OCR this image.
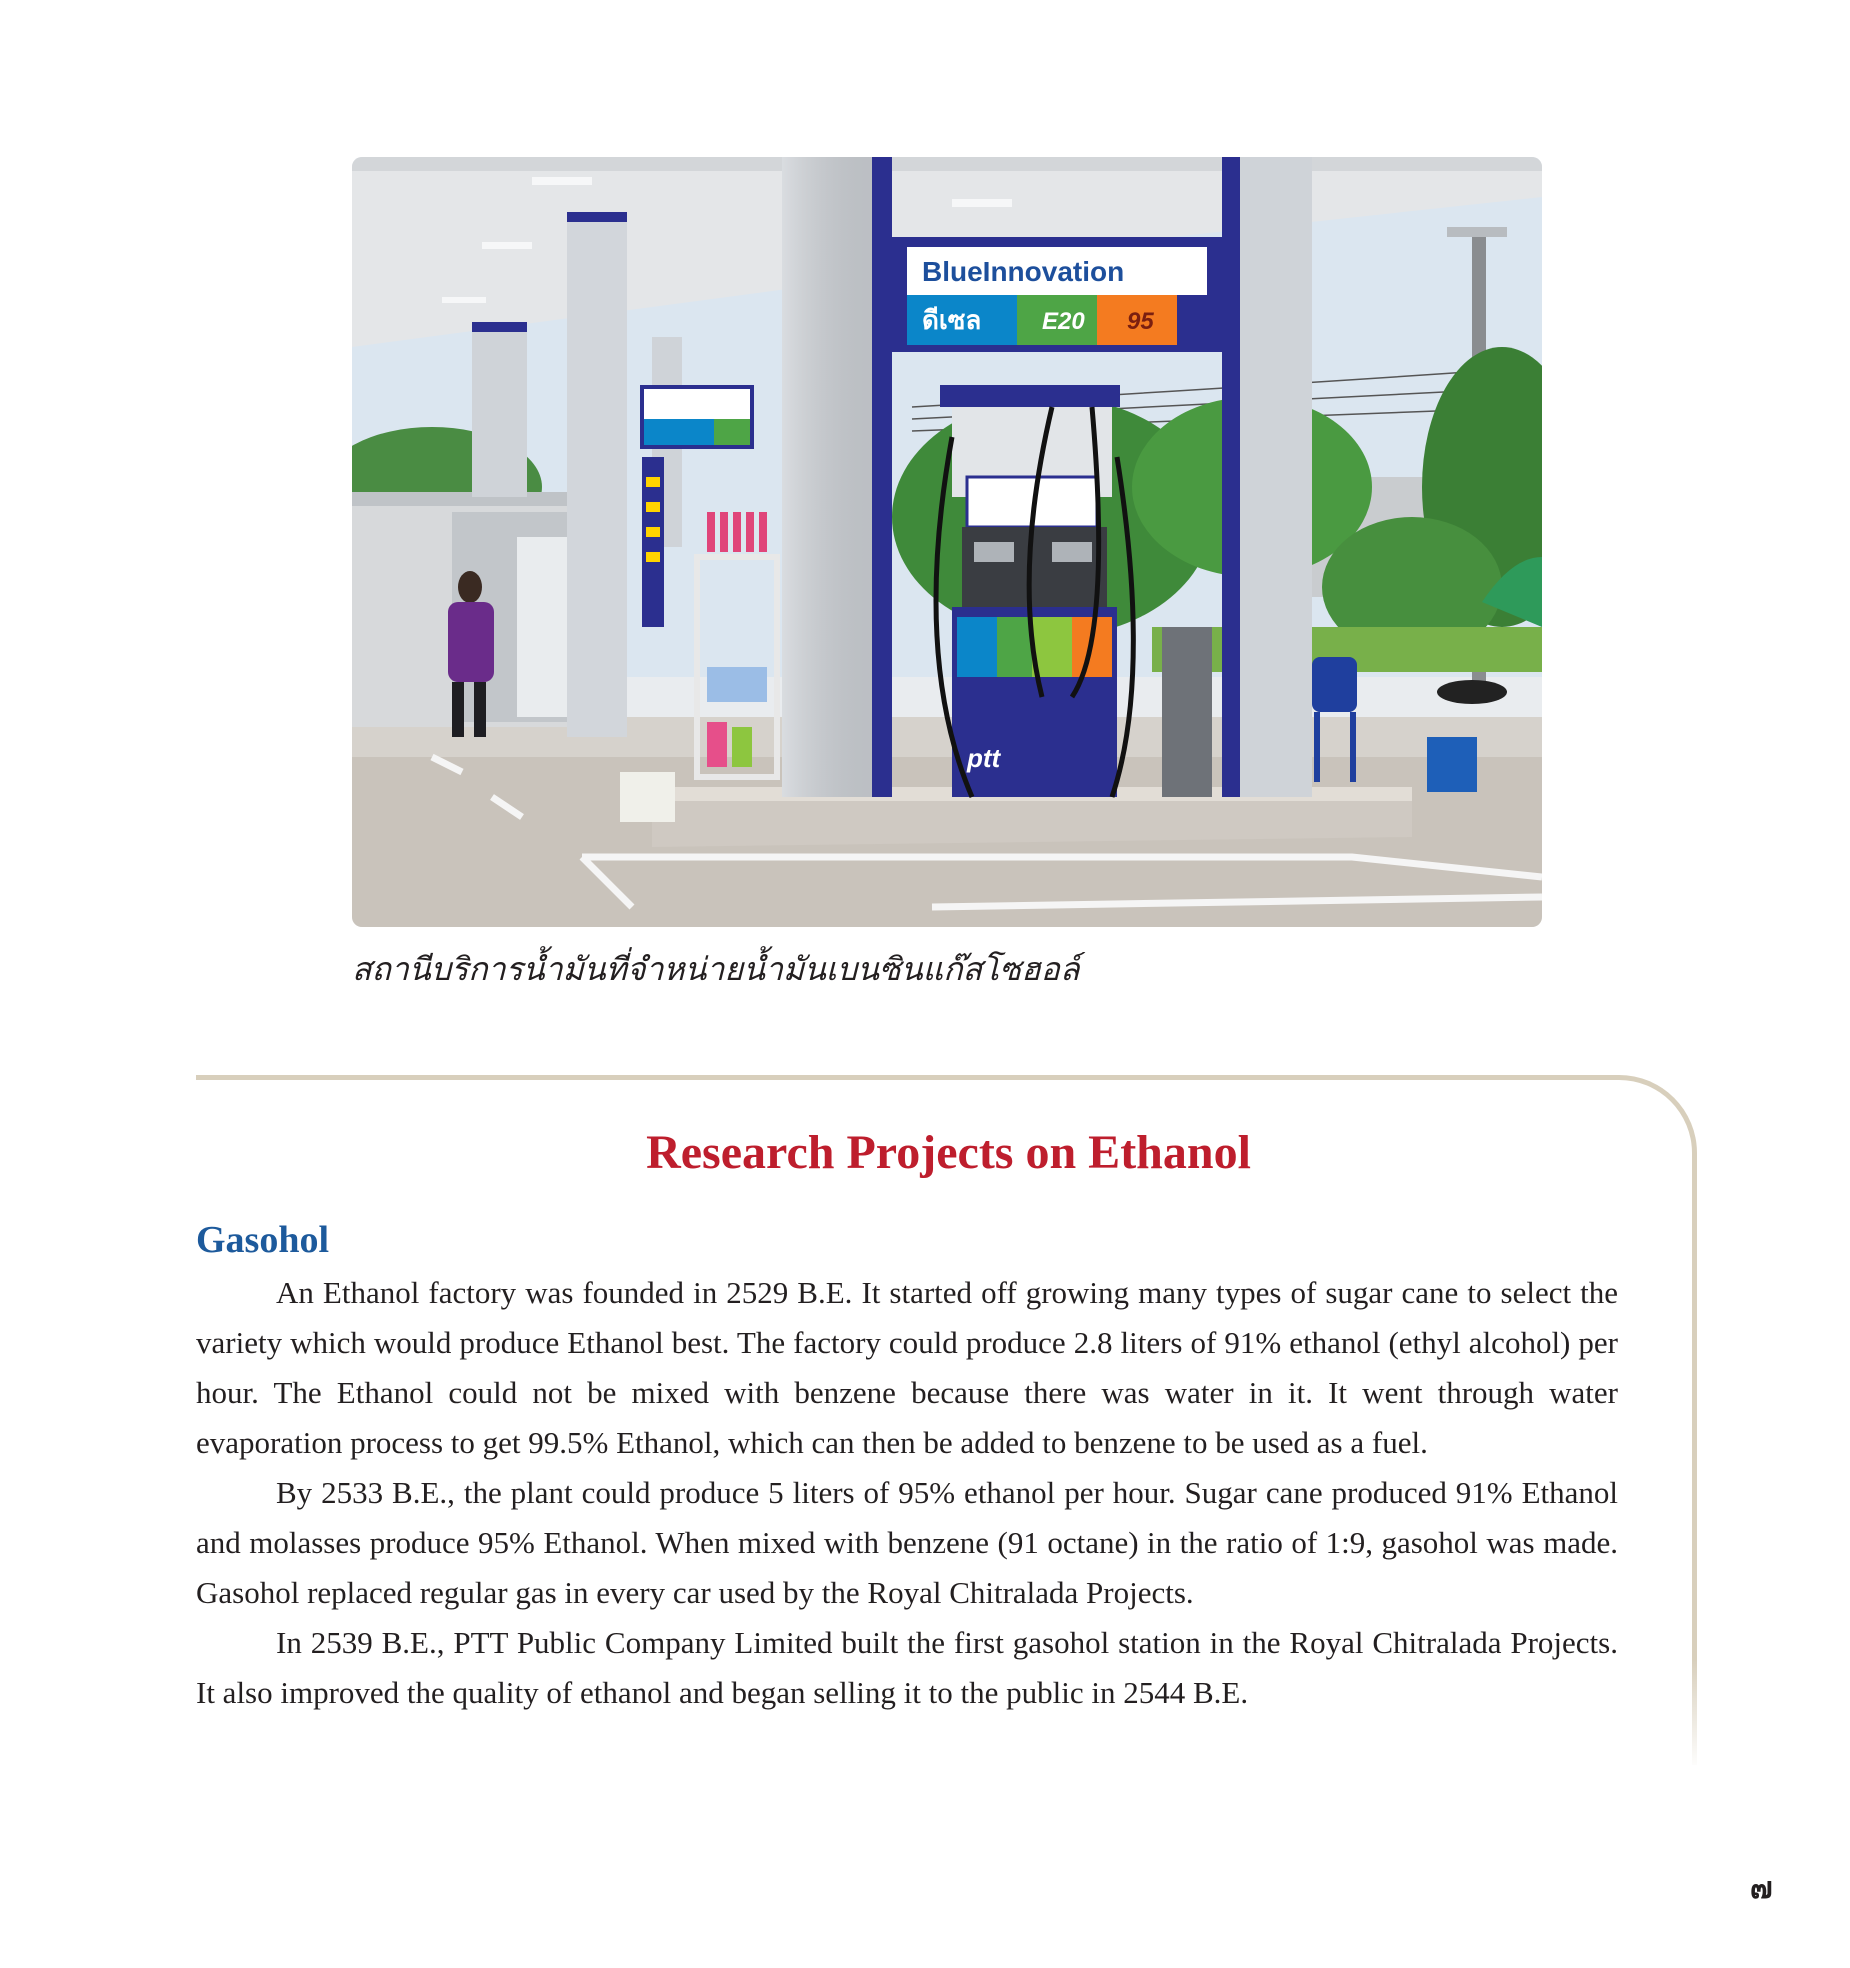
BlueInnovation
ดีเซล	E20 95
ptt
สถานีบริการน้ำมันที่จำหน่ายน้ำมันเบนซินแก๊สโซฮอล์
Research Projects on Ethanol
Gasohol

An Ethanol factory was founded in 2529 B.E. It started off growing many types of sugar cane to select the variety which would produce Ethanol best. The factory could produce 2.8 liters of 91% ethanol (ethyl alcohol) per hour. The Ethanol could not be mixed with benzene because there was water in it. It went through water evaporation process to get 99.5% Ethanol, which can then be added to benzene to be used as a fuel.

By 2533 B.E., the plant could produce 5 liters of 95% ethanol per hour. Sugar cane produced 91% Ethanol and molasses produce 95% Ethanol. When mixed with benzene (91 octane) in the ratio of 1:9, gasohol was made. Gasohol replaced regular gas in every car used by the Royal Chitralada Projects.

In 2539 B.E., PTT Public Company Limited built the first gasohol station in the Royal Chitralada Projects. It also improved the quality of ethanol and began selling it to the public in 2544 B.E.

๗
